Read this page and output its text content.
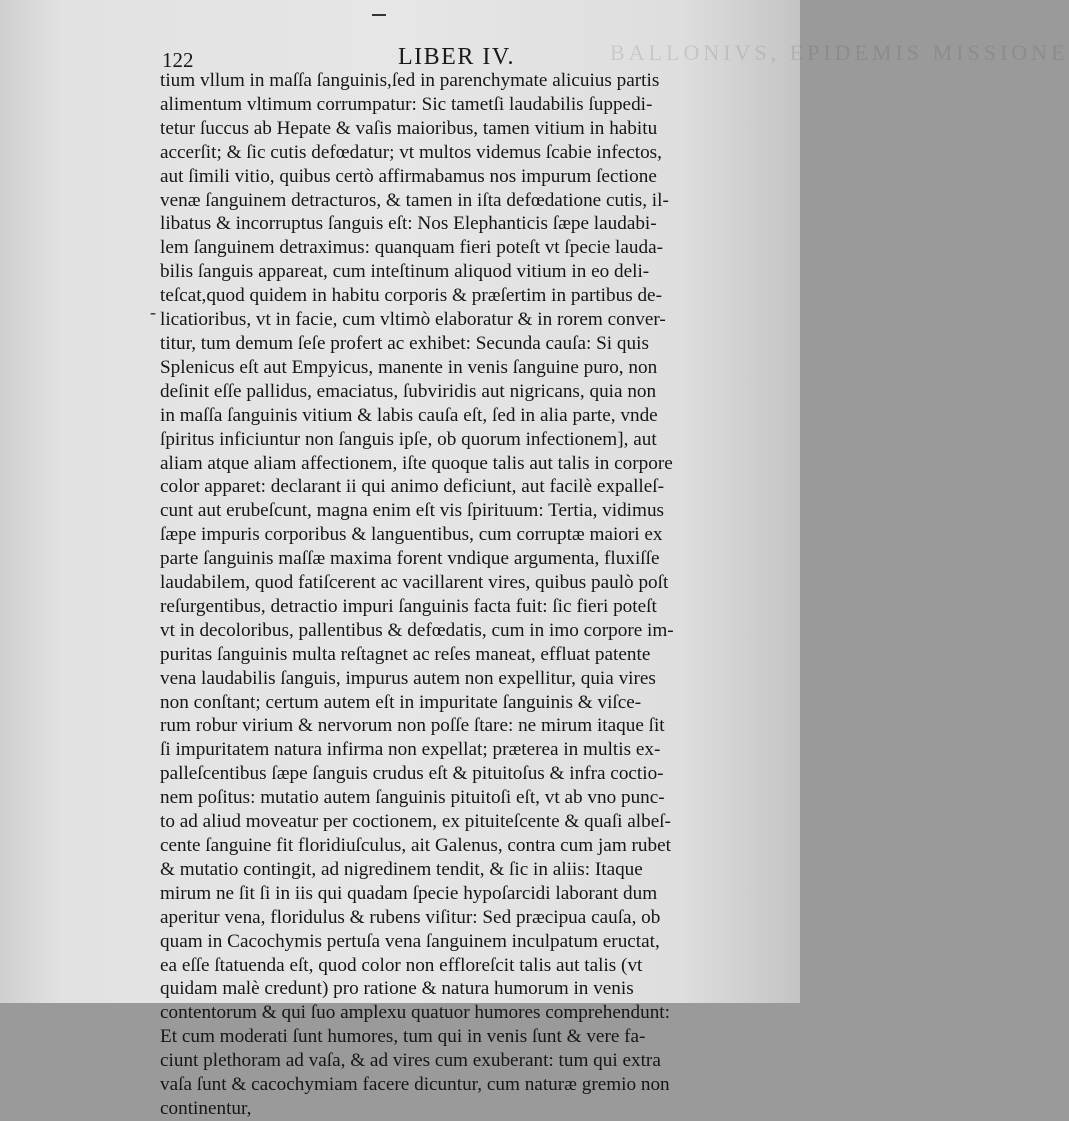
BALLONIVS, EPIDEMIS MISSIONE
122	LIBER IV.
tium vllum in maſſa ſanguinis,ſed in parenchymate alicuius partis
alimentum vltimum corrumpatur: Sic tametſi laudabilis ſuppedi-
tetur ſuccus ab Hepate & vaſis maioribus, tamen vitium in habitu
accerſit; & ſic cutis defœdatur; vt multos videmus ſcabie infectos,
aut ſimili vitio, quibus certò affirmabamus nos impurum ſectione
venæ ſanguinem detracturos, & tamen in iſta defœdatione cutis, il-
libatus & incorruptus ſanguis eſt: Nos Elephanticis ſæpe laudabi-
lem ſanguinem detraximus: quanquam fieri poteſt vt ſpecie lauda-
bilis ſanguis appareat, cum inteſtinum aliquod vitium in eo deli-
teſcat,quod quidem in habitu corporis & præſertim in partibus de-
licatioribus, vt in facie, cum vltimò elaboratur & in rorem conver-
titur, tum demum ſeſe profert ac exhibet: Secunda cauſa: Si quis
Splenicus eſt aut Empyicus, manente in venis ſanguine puro, non
deſinit eſſe pallidus, emaciatus, ſubviridis aut nigricans, quia non
in maſſa ſanguinis vitium & labis cauſa eſt, ſed in alia parte, vnde
ſpiritus inficiuntur non ſanguis ipſe, ob quorum infectionem], aut
aliam atque aliam affectionem, iſte quoque talis aut talis in corpore
color apparet: declarant ii qui animo deficiunt, aut facilè expalleſ-
cunt aut erubeſcunt, magna enim eſt vis ſpirituum: Tertia, vidimus
ſæpe impuris corporibus & languentibus, cum corruptæ maiori ex
parte ſanguinis maſſæ maxima forent vndique argumenta, fluxiſſe
laudabilem, quod fatiſcerent ac vacillarent vires, quibus paulò poſt
reſurgentibus, detractio impuri ſanguinis facta fuit: ſic fieri poteſt
vt in decoloribus, pallentibus & defœdatis, cum in imo corpore im-
puritas ſanguinis multa reſtagnet ac reſes maneat, effluat patente
vena laudabilis ſanguis, impurus autem non expellitur, quia vires
non conſtant; certum autem eſt in impuritate ſanguinis & viſce-
rum robur virium & nervorum non poſſe ſtare: ne mirum itaque ſit
ſi impuritatem natura infirma non expellat; præterea in multis ex-
palleſcentibus ſæpe ſanguis crudus eſt & pituitoſus & infra coctio-
nem poſitus: mutatio autem ſanguinis pituitoſi eſt, vt ab vno punc-
to ad aliud moveatur per coctionem, ex pituiteſcente & quaſi albeſ-
cente ſanguine fit floridiuſculus, ait Galenus, contra cum jam rubet
& mutatio contingit, ad nigredinem tendit, & ſic in aliis: Itaque
mirum ne ſit ſi in iis qui quadam ſpecie hypoſarcidi laborant dum
aperitur vena, floridulus & rubens viſitur: Sed præcipua cauſa, ob
quam in Cacochymis pertuſa vena ſanguinem inculpatum eructat,
ea eſſe ſtatuenda eſt, quod color non effloreſcit talis aut talis (vt
quidam malè credunt) pro ratione & natura humorum in venis
contentorum & qui ſuo amplexu quatuor humores comprehendunt:
Et cum moderati ſunt humores, tum qui in venis ſunt & vere fa-
ciunt plethoram ad vaſa, & ad vires cum exuberant: tum qui extra
vaſa ſunt & cacochymiam facere dicuntur, cum naturæ gremio non
continentur,
-
